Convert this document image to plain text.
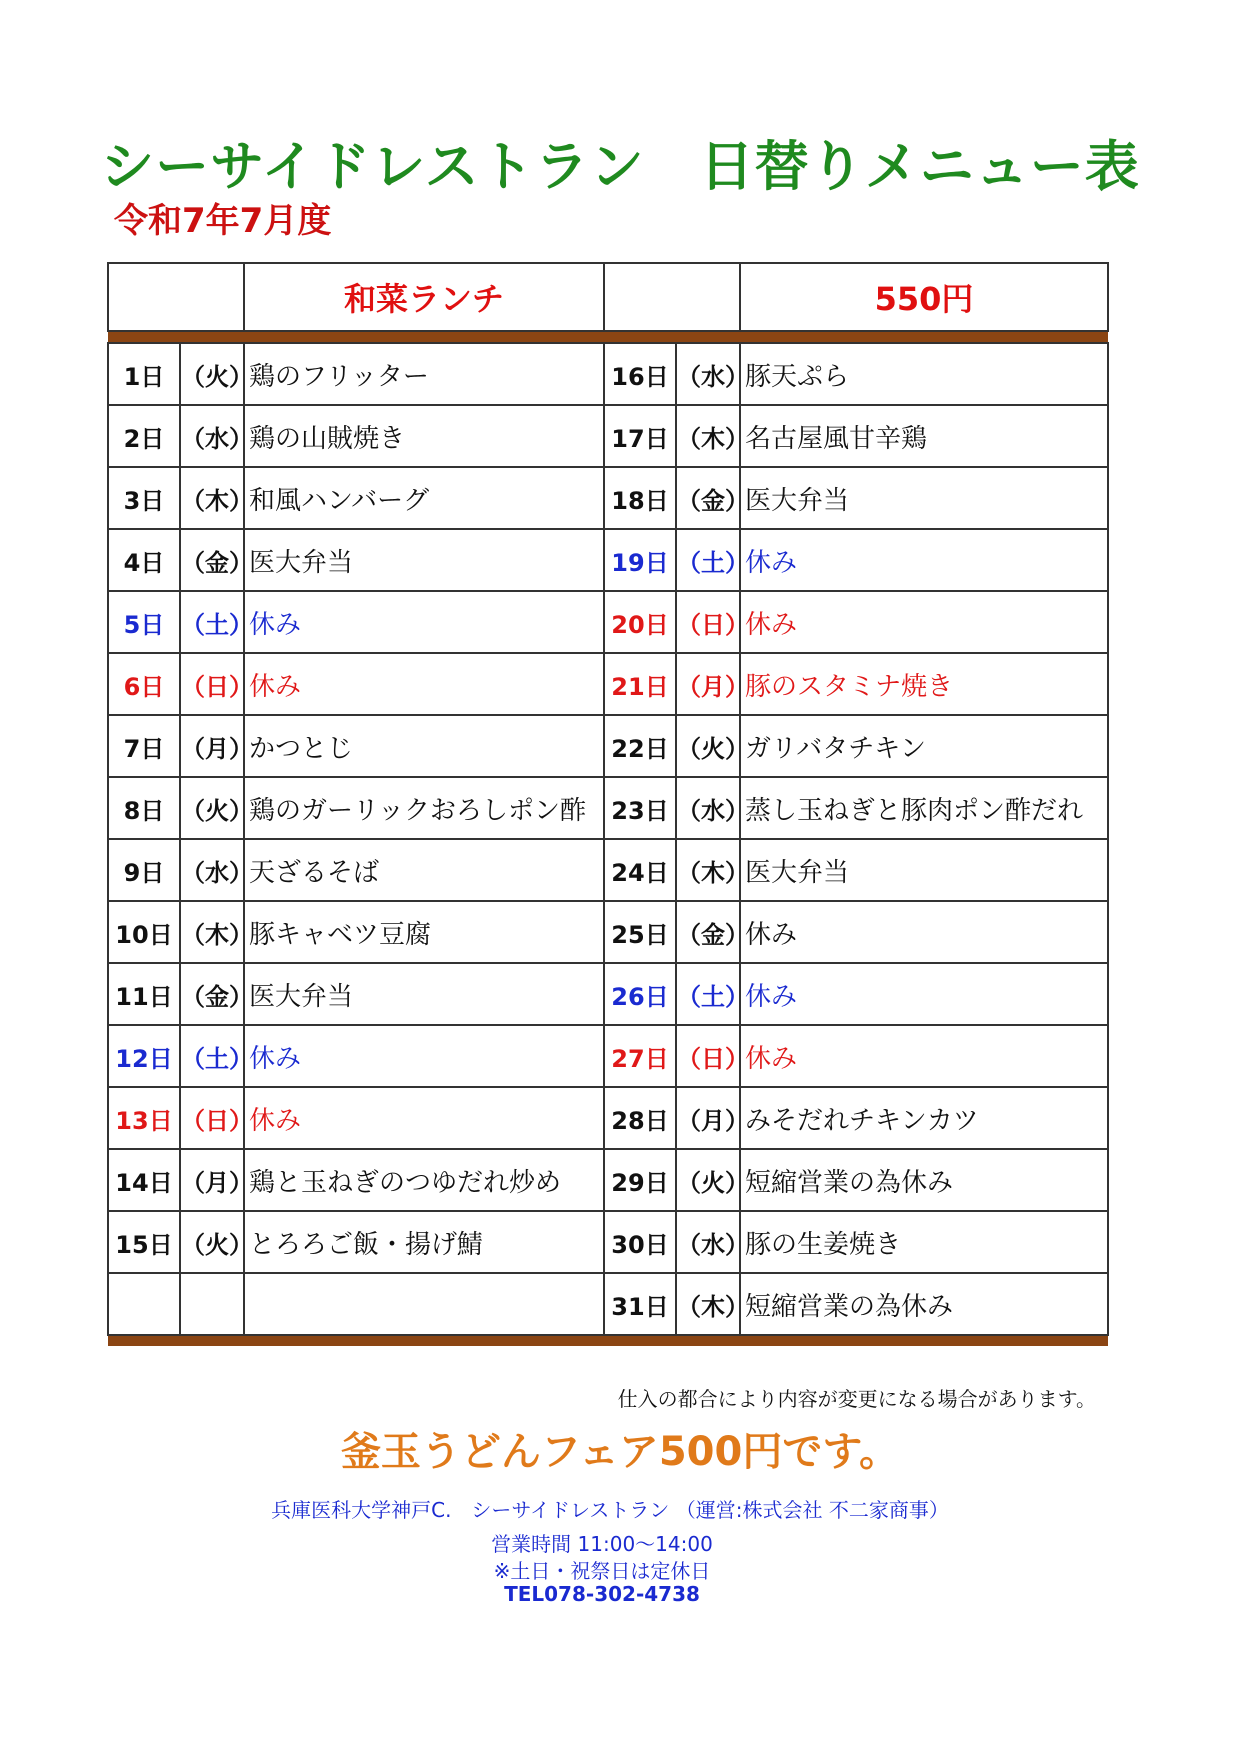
シーサイドレストラン　日替りメニュー表
令和7年7月度
		和菜ランチ			550円

1日	（火）	鶏のフリッター	16日	（水）	豚天ぷら
2日	（水）	鶏の山賊焼き	17日	（木）	名古屋風甘辛鶏
3日	（木）	和風ハンバーグ	18日	（金）	医大弁当
4日	（金）	医大弁当	19日	（土）	休み
5日	（土）	休み	20日	（日）	休み
6日	（日）	休み	21日	（月）	豚のスタミナ焼き
7日	（月）	かつとじ	22日	（火）	ガリバタチキン
8日	（火）	鶏のガーリックおろしポン酢	23日	（水）	蒸し玉ねぎと豚肉ポン酢だれ
9日	（水）	天ざるそば	24日	（木）	医大弁当
10日	（木）	豚キャベツ豆腐	25日	（金）	休み
11日	（金）	医大弁当	26日	（土）	休み
12日	（土）	休み	27日	（日）	休み
13日	（日）	休み	28日	（月）	みそだれチキンカツ
14日	（月）	鶏と玉ねぎのつゆだれ炒め	29日	（火）	短縮営業の為休み
15日	（火）	とろろご飯・揚げ鯖	30日	（水）	豚の生姜焼き
			31日	（木）	短縮営業の為休み

仕入の都合により内容が変更になる場合があります。
釜玉うどんフェア500円です。
兵庫医科大学神戸C.　シーサイドレストラン （運営:株式会社 不二家商事）
営業時間 11:00～14:00
※土日・祝祭日は定休日
TEL078-302-4738
